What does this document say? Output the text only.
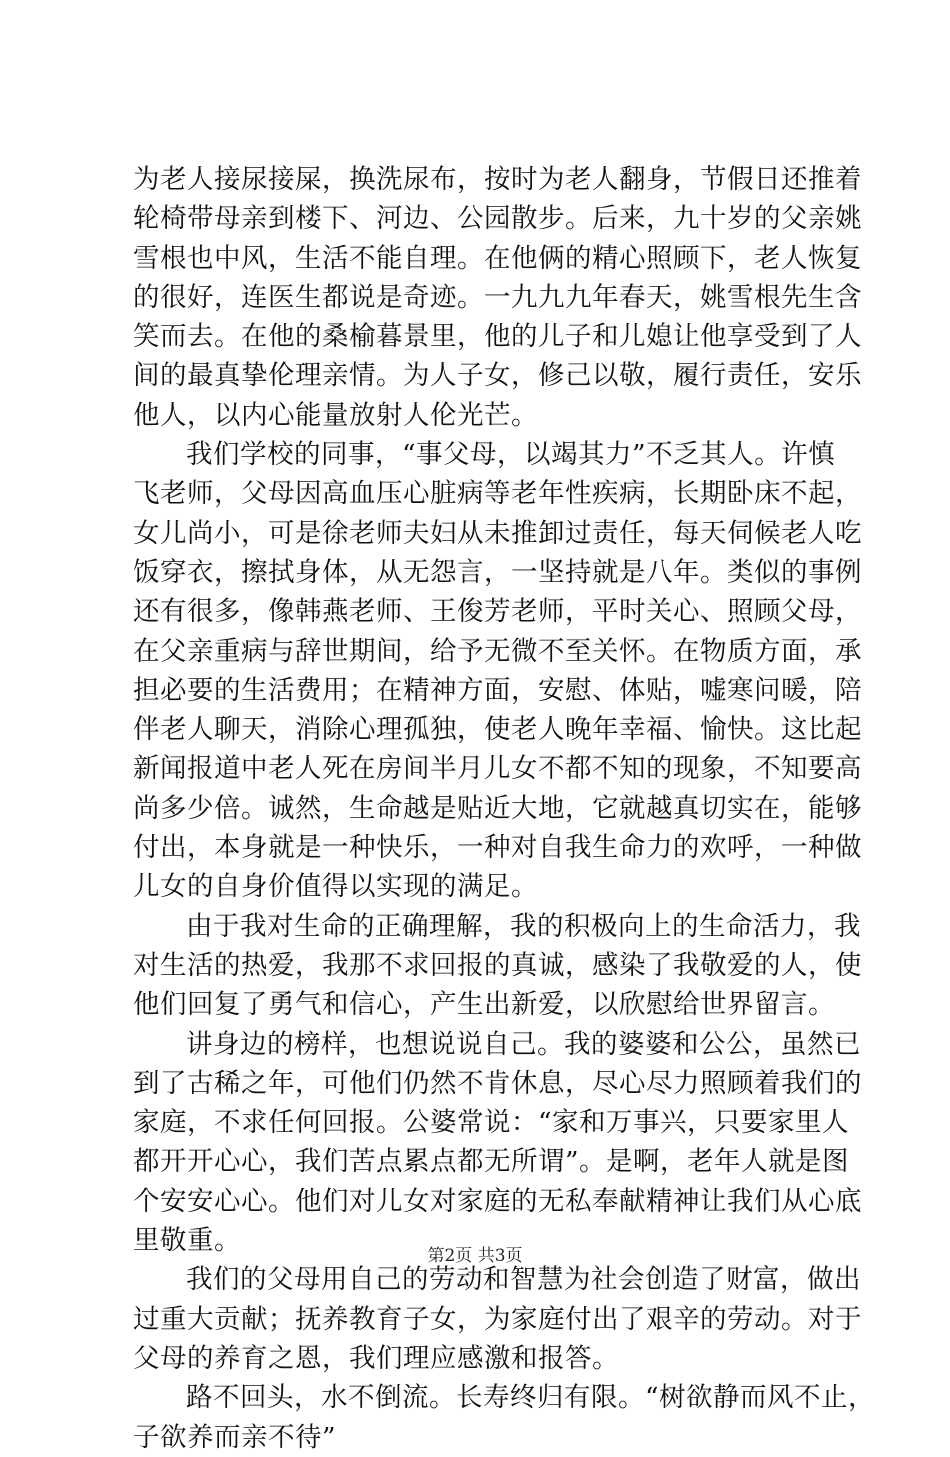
为老人接尿接屎，换洗尿布，按时为老人翻身，节假日还推着
轮椅带母亲到楼下、河边、公园散步。后来，九十岁的父亲姚
雪根也中风，生活不能自理。在他俩的精心照顾下，老人恢复
的很好，连医生都说是奇迹。一九九九年春天，姚雪根先生含
笑而去。在他的桑榆暮景里，他的儿子和儿媳让他享受到了人
间的最真挚伦理亲情。为人子女，修己以敬，履行责任，安乐
他人，以内心能量放射人伦光芒。
我们学校的同事，“事父母，以竭其力”不乏其人。许慎
飞老师，父母因高血压心脏病等老年性疾病，长期卧床不起，
女儿尚小，可是徐老师夫妇从未推卸过责任，每天伺候老人吃
饭穿衣，擦拭身体，从无怨言，一坚持就是八年。类似的事例
还有很多，像韩燕老师、王俊芳老师，平时关心、照顾父母，
在父亲重病与辞世期间，给予无微不至关怀。在物质方面，承
担必要的生活费用；在精神方面，安慰、体贴，嘘寒问暖，陪
伴老人聊天，消除心理孤独，使老人晚年幸福、愉快。这比起
新闻报道中老人死在房间半月儿女不都不知的现象，不知要高
尚多少倍。诚然，生命越是贴近大地，它就越真切实在，能够
付出，本身就是一种快乐，一种对自我生命力的欢呼，一种做
儿女的自身价值得以实现的满足。
由于我对生命的正确理解，我的积极向上的生命活力，我
对生活的热爱，我那不求回报的真诚，感染了我敬爱的人，使
他们回复了勇气和信心，产生出新爱，以欣慰给世界留言。
讲身边的榜样，也想说说自己。我的婆婆和公公，虽然已
到了古稀之年，可他们仍然不肯休息，尽心尽力照顾着我们的
家庭，不求任何回报。公婆常说：“家和万事兴，只要家里人
都开开心心，我们苦点累点都无所谓”。是啊，老年人就是图
个安安心心。他们对儿女对家庭的无私奉献精神让我们从心底
里敬重。
我们的父母用自己的劳动和智慧为社会创造了财富，做出
过重大贡献；抚养教育子女，为家庭付出了艰辛的劳动。对于
父母的养育之恩，我们理应感激和报答。
路不回头，水不倒流。长寿终归有限。“树欲静而风不止，
子欲养而亲不待”
第2页 共3页
